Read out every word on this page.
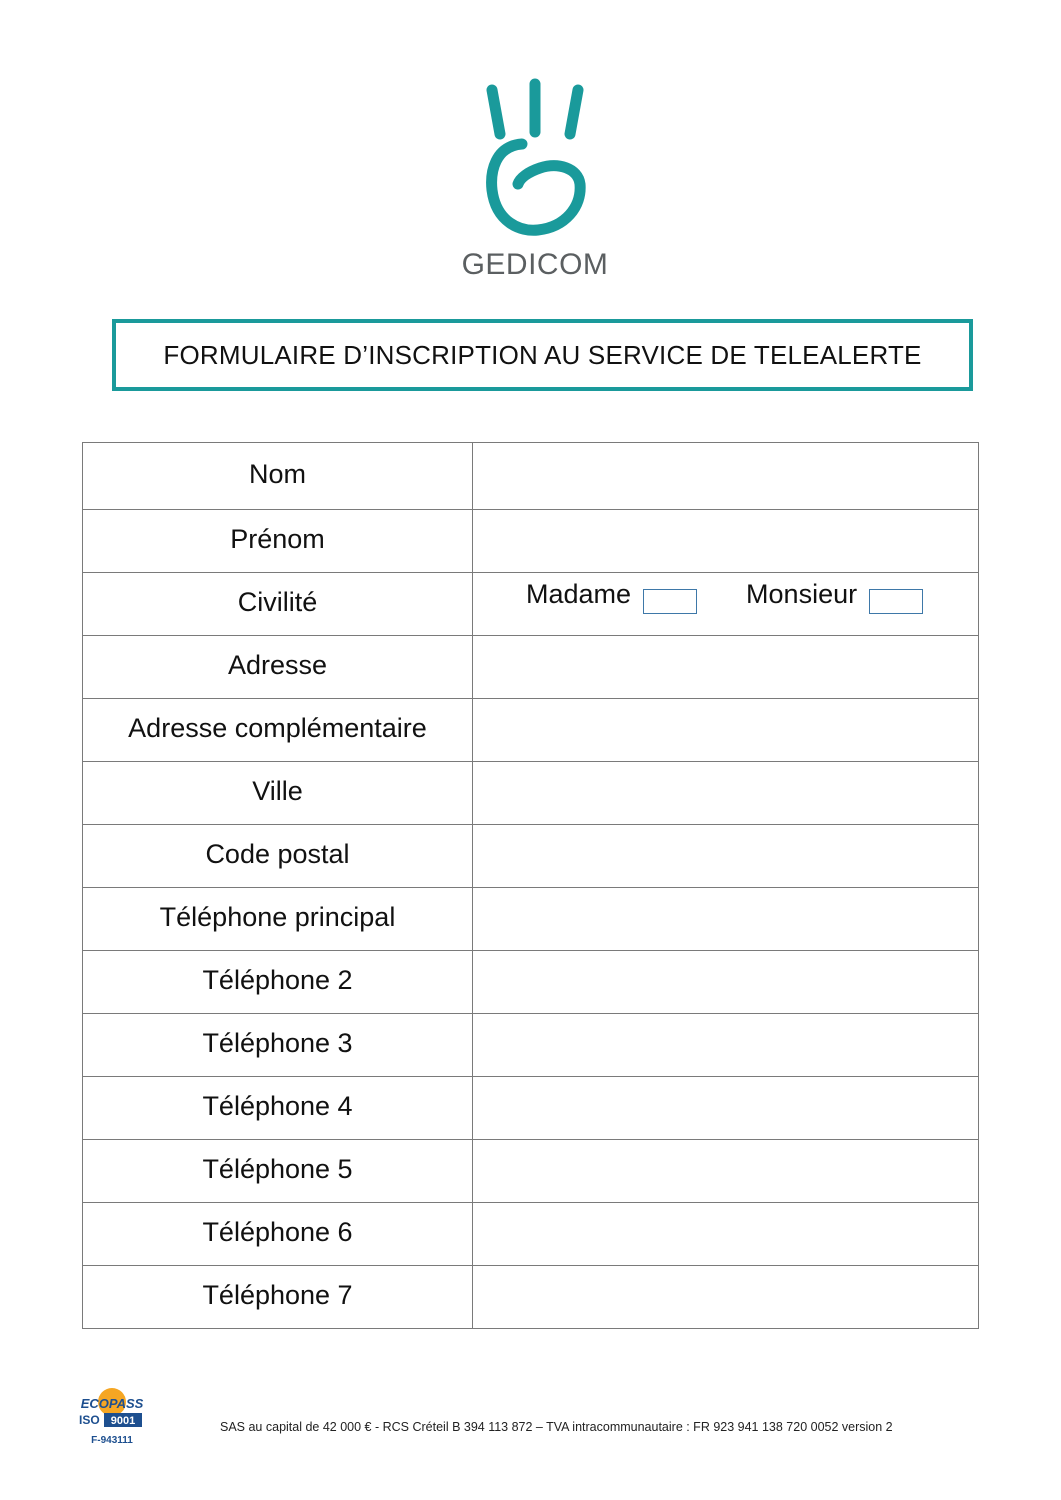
GEDICOM
FORMULAIRE D’INSCRIPTION AU SERVICE DE TELEALERTE
Nom	
Prénom	
Civilité	Madame Monsieur

Adresse	
Adresse complémentaire	
Ville	
Code postal	
Téléphone principal	
Téléphone 2	
Téléphone 3	
Téléphone 4	
Téléphone 5	
Téléphone 6	
Téléphone 7	
ECOPASS
ISO 9001
F-943111
SAS au capital de 42 000 € - RCS Créteil B 394 113 872 – TVA intracommunautaire : FR 923 941 138 720 0052 version 2
